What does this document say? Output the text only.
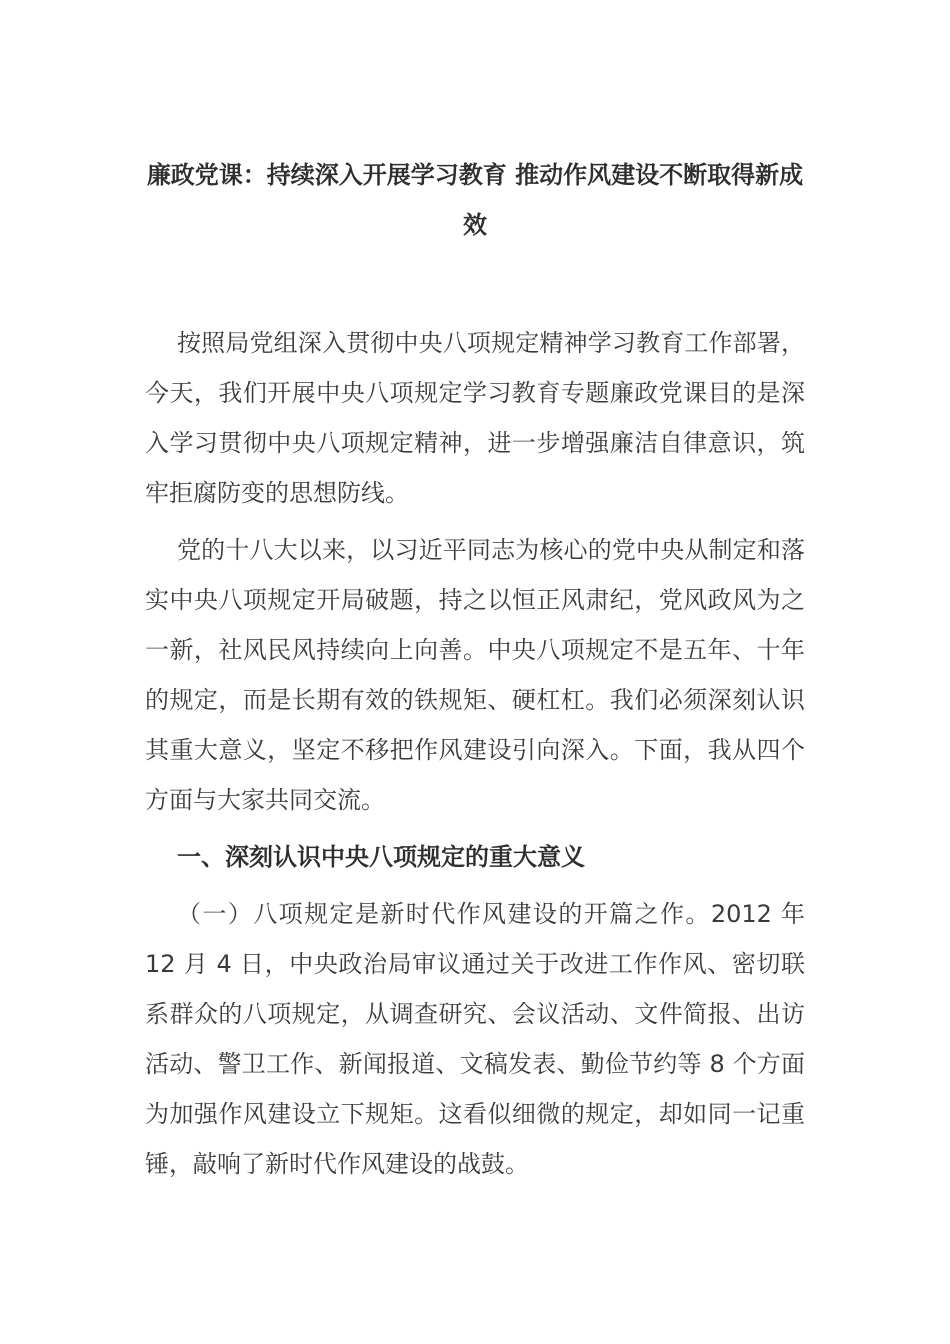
廉政党课：持续深入开展学习教育 推动作风建设不断取得新成效

按照局党组深入贯彻中央八项规定精神学习教育工作部署，今天，我们开展中央八项规定学习教育专题廉政党课目的是深入学习贯彻中央八项规定精神，进一步增强廉洁自律意识，筑牢拒腐防变的思想防线。

党的十八大以来，以习近平同志为核心的党中央从制定和落实中央八项规定开局破题，持之以恒正风肃纪，党风政风为之一新，社风民风持续向上向善。中央八项规定不是五年、十年的规定，而是长期有效的铁规矩、硬杠杠。我们必须深刻认识其重大意义，坚定不移把作风建设引向深入。下面，我从四个方面与大家共同交流。

一、深刻认识中央八项规定的重大意义

（一）八项规定是新时代作风建设的开篇之作。2012 年 12 月 4 日，中央政治局审议通过关于改进工作作风、密切联系群众的八项规定，从调查研究、会议活动、文件简报、出访活动、警卫工作、新闻报道、文稿发表、勤俭节约等 8 个方面为加强作风建设立下规矩。这看似细微的规定，却如同一记重锤，敲响了新时代作风建设的战鼓。
